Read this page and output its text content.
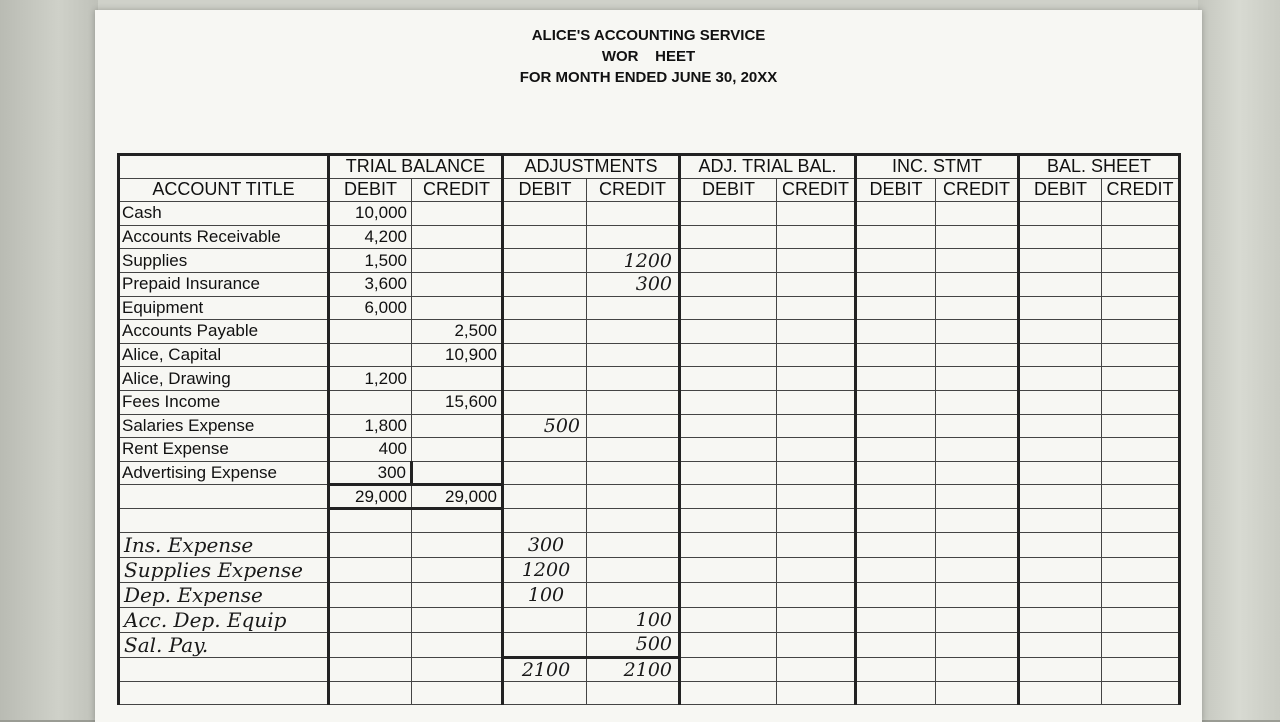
ALICE'S ACCOUNTING SERVICE
WOR    HEET
FOR MONTH ENDED JUNE 30, 20XX
	TRIAL BALANCE		ADJUSTMENTS		ADJ. TRIAL BAL.		INC. STMT		BAL. SHEET	
ACCOUNT TITLE	DEBIT	CREDIT	DEBIT	CREDIT	DEBIT	CREDIT	DEBIT	CREDIT	DEBIT	CREDIT
Cash	10,000									
Accounts Receivable	4,200									
Supplies	1,500			1200						
Prepaid Insurance	3,600			300						
Equipment	6,000									
Accounts Payable		2,500								
Alice, Capital		10,900								
Alice, Drawing	1,200									
Fees Income		15,600								
Salaries Expense	1,800		500							
Rent Expense	400									
Advertising Expense	300									
	29,000	29,000								

Ins. Expense			300							
Supplies Expense			1200							
Dep. Expense			100							
Acc. Dep. Equip				100						
Sal. Pay.				500						
			2100	2100						
